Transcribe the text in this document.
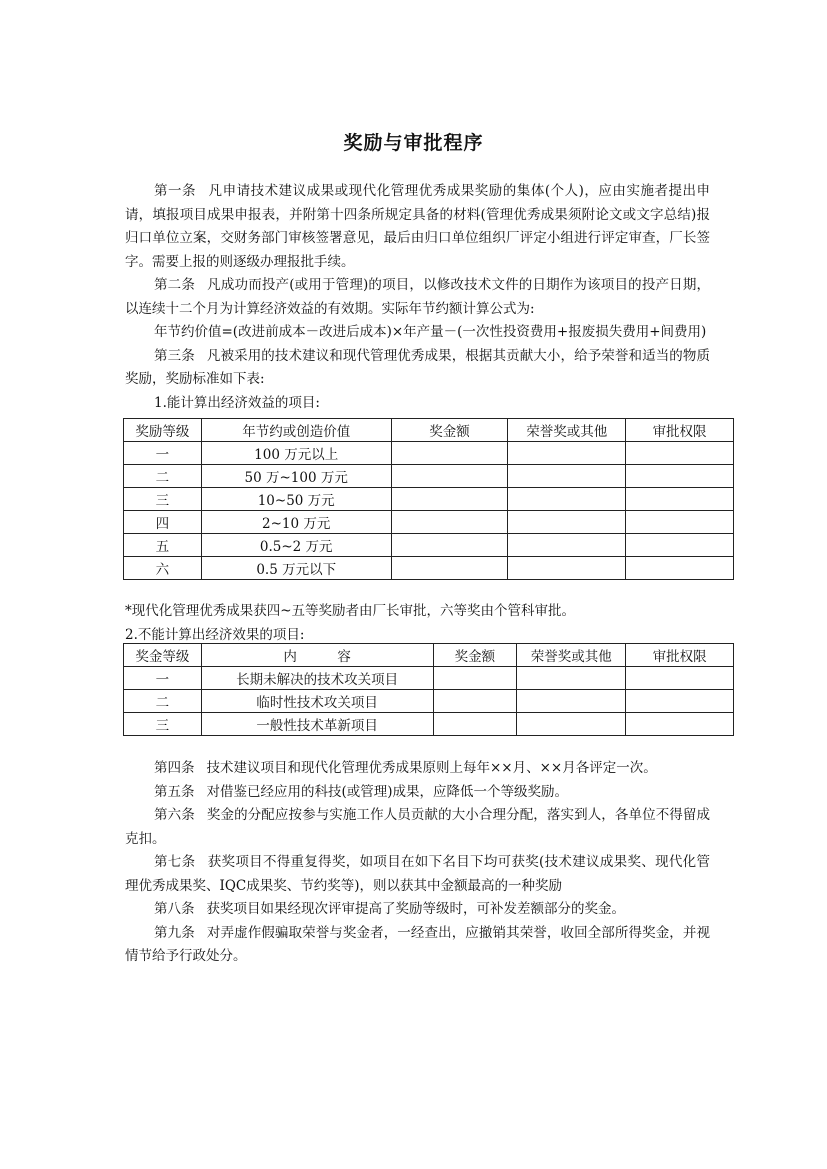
奖励与审批程序

第一条 凡申请技术建议成果或现代化管理优秀成果奖励的集体(个人)，应由实施者提出申请，填报项目成果申报表，并附第十四条所规定具备的材料(管理优秀成果须附论文或文字总结)报归口单位立案，交财务部门审核签署意见，最后由归口单位组织厂评定小组进行评定审查，厂长签字。需要上报的则逐级办理报批手续。

第二条 凡成功而投产(或用于管理)的项目，以修改技术文件的日期作为该项目的投产日期，以连续十二个月为计算经济效益的有效期。实际年节约额计算公式为:

年节约价值=(改进前成本－改进后成本)×年产量－(一次性投资费用+报废损失费用+间费用)

第三条 凡被采用的技术建议和现代管理优秀成果，根据其贡献大小，给予荣誉和适当的物质奖励，奖励标准如下表:

1.能计算出经济效益的项目:

奖励等级	年节约或创造价值	奖金额	荣誉奖或其他	审批权限
一	100 万元以上			
二	50 万~100 万元			
三	10~50 万元			
四	2~10 万元			
五	0.5~2 万元			
六	0.5 万元以下			

*现代化管理优秀成果获四~五等奖励者由厂长审批，六等奖由个管科审批。

2.不能计算出经济效果的项目:

奖金等级	内　　　容	奖金额	荣誉奖或其他	审批权限
一	长期未解决的技术攻关项目			
二	临时性技术攻关项目			
三	一般性技术革新项目			

第四条 技术建议项目和现代化管理优秀成果原则上每年××月、××月各评定一次。

第五条 对借鉴已经应用的科技(或管理)成果，应降低一个等级奖励。

第六条 奖金的分配应按参与实施工作人员贡献的大小合理分配，落实到人，各单位不得留成克扣。

第七条 获奖项目不得重复得奖，如项目在如下名目下均可获奖(技术建议成果奖、现代化管理优秀成果奖、IQC成果奖、节约奖等)，则以获其中金额最高的一种奖励

第八条 获奖项目如果经现次评审提高了奖励等级时，可补发差额部分的奖金。

第九条 对弄虚作假骗取荣誉与奖金者，一经查出，应撤销其荣誉，收回全部所得奖金，并视情节给予行政处分。
